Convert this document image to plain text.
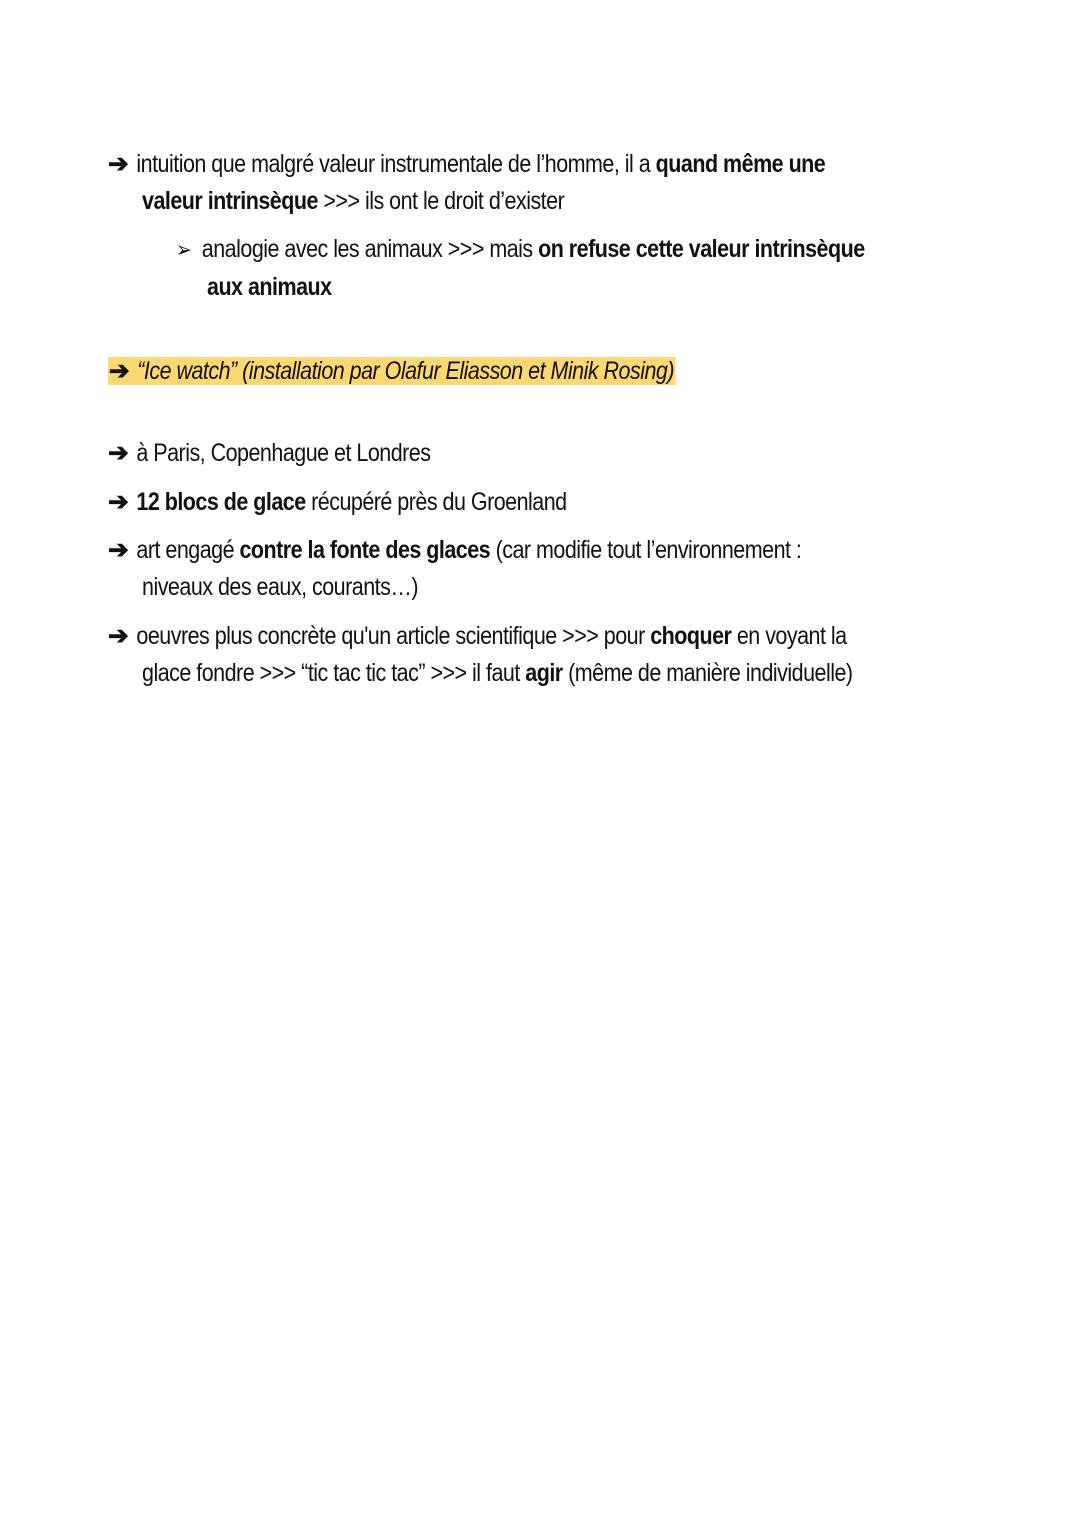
➔ intuition que malgré valeur instrumentale de l’homme, il a quand même une
valeur intrinsèque >>> ils ont le droit d’exister
➢ analogie avec les animaux >>> mais on refuse cette valeur intrinsèque
aux animaux
➔ “Ice watch” (installation par Olafur Eliasson et Minik Rosing)
➔ à Paris, Copenhague et Londres
➔ 12 blocs de glace récupéré près du Groenland
➔ art engagé contre la fonte des glaces (car modifie tout l’environnement :
niveaux des eaux, courants…)
➔ oeuvres plus concrète qu'un article scientifique >>> pour choquer en voyant la
glace fondre >>> “tic tac tic tac” >>> il faut agir (même de manière individuelle)
